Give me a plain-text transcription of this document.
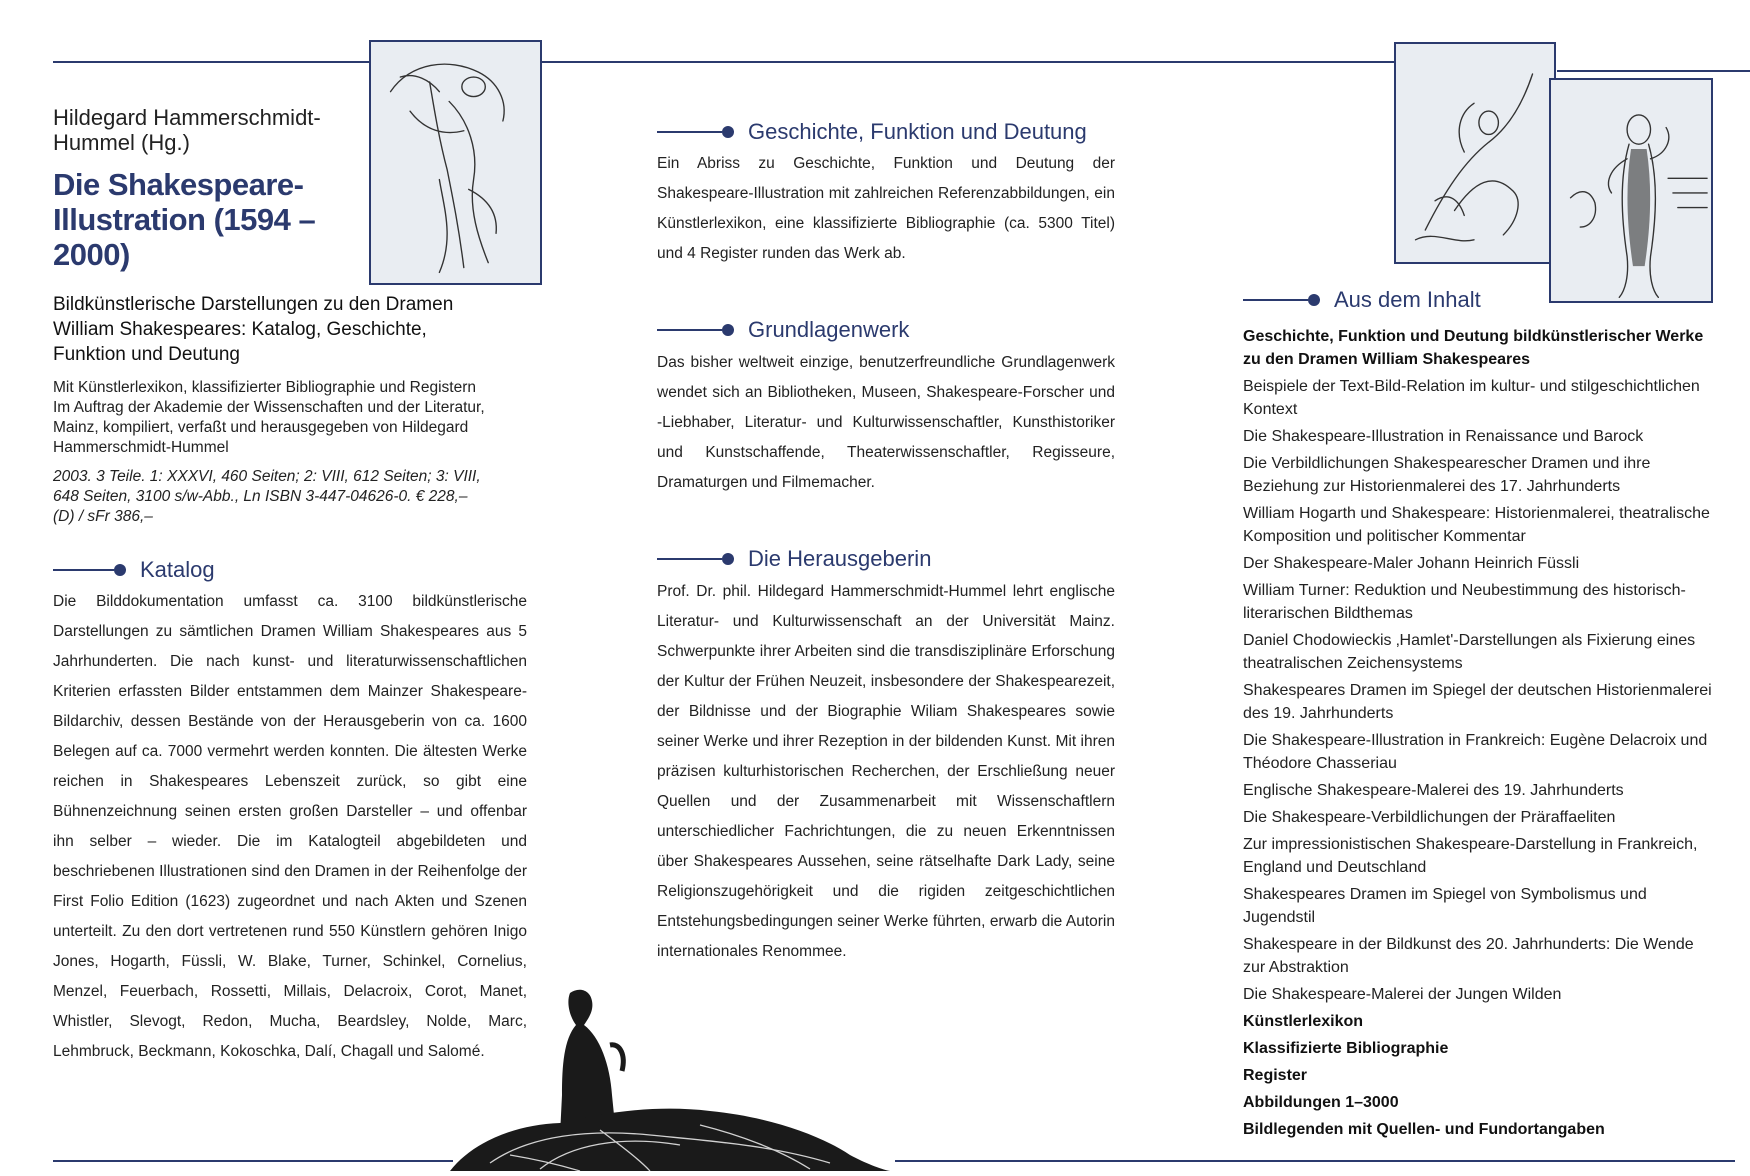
Hildegard Hammerschmidt-Hummel (Hg.)
Die Shakespeare-Illustration (1594 – 2000)
Bildkünstlerische Darstellungen zu den Dramen William Shakespeares: Katalog, Geschichte, Funktion und Deutung
Mit Künstlerlexikon, klassifizierter Bibliographie und Registern Im Auftrag der Akademie der Wissenschaften und der Literatur, Mainz, kompiliert, verfaßt und herausgegeben von Hildegard Hammerschmidt-Hummel
2003. 3 Teile. 1: XXXVI, 460 Seiten; 2: VIII, 612 Seiten; 3: VIII, 648 Seiten, 3100 s/w-Abb., Ln ISBN 3-447-04626-0. € 228,– (D) / sFr 386,–
Katalog
Die Bilddokumentation umfasst ca. 3100 bildkünstlerische Darstellungen zu sämtlichen Dramen William Shakespeares aus 5 Jahrhunderten. Die nach kunst- und literaturwissenschaftlichen Kriterien erfassten Bilder entstammen dem Mainzer Shakespeare-Bildarchiv, dessen Bestände von der Herausgeberin von ca. 1600 Belegen auf ca. 7000 vermehrt werden konnten. Die ältesten Werke reichen in Shakespeares Lebenszeit zurück, so gibt eine Bühnenzeichnung seinen ersten großen Darsteller – und offenbar ihn selber – wieder. Die im Katalogteil abgebildeten und beschriebenen Illustrationen sind den Dramen in der Reihenfolge der First Folio Edition (1623) zugeordnet und nach Akten und Szenen unterteilt. Zu den dort vertretenen rund 550 Künstlern gehören Inigo Jones, Hogarth, Füssli, W. Blake, Turner, Schinkel, Cornelius, Menzel, Feuerbach, Rossetti, Millais, Delacroix, Corot, Manet, Whistler, Slevogt, Redon, Mucha, Beardsley, Nolde, Marc, Lehmbruck, Beckmann, Kokoschka, Dalí, Chagall und Salomé.
Geschichte, Funktion und Deutung
Ein Abriss zu Geschichte, Funktion und Deutung der Shakespeare-Illustration mit zahlreichen Referenzabbildungen, ein Künstlerlexikon, eine klassifizierte Bibliographie (ca. 5300 Titel) und 4 Register runden das Werk ab.
Grundlagenwerk
Das bisher weltweit einzige, benutzerfreundliche Grundlagenwerk wendet sich an Bibliotheken, Museen, Shakespeare-Forscher und -Liebhaber, Literatur- und Kulturwissenschaftler, Kunsthistoriker und Kunstschaffende, Theaterwissenschaftler, Regisseure, Dramaturgen und Filmemacher.
Die Herausgeberin
Prof. Dr. phil. Hildegard Hammerschmidt-Hummel lehrt englische Literatur- und Kulturwissenschaft an der Universität Mainz. Schwerpunkte ihrer Arbeiten sind die transdisziplinäre Erforschung der Kultur der Frühen Neuzeit, insbesondere der Shakespearezeit, der Bildnisse und der Biographie Wiliam Shakespeares sowie seiner Werke und ihrer Rezeption in der bildenden Kunst. Mit ihren präzisen kulturhistorischen Recherchen, der Erschließung neuer Quellen und der Zusammenarbeit mit Wissenschaftlern unterschiedlicher Fachrichtungen, die zu neuen Erkenntnissen über Shakespeares Aussehen, seine rätselhafte Dark Lady, seine Religionszugehörigkeit und die rigiden zeitgeschichtlichen Entstehungsbedingungen seiner Werke führten, erwarb die Autorin internationales Renommee.
Aus dem Inhalt
Geschichte, Funktion und Deutung bildkünstlerischer Werke zu den Dramen William Shakespeares
Beispiele der Text-Bild-Relation im kultur- und stilgeschichtlichen Kontext
Die Shakespeare-Illustration in Renaissance und Barock
Die Verbildlichungen Shakespearescher Dramen und ihre Beziehung zur Historienmalerei des 17. Jahrhunderts
William Hogarth und Shakespeare: Historienmalerei, theatralische Komposition und politischer Kommentar
Der Shakespeare-Maler Johann Heinrich Füssli
William Turner: Reduktion und Neubestimmung des historisch-literarischen Bildthemas
Daniel Chodowieckis ‚Hamlet'-Darstellungen als Fixierung eines theatralischen Zeichensystems
Shakespeares Dramen im Spiegel der deutschen Historienmalerei des 19. Jahrhunderts
Die Shakespeare-Illustration in Frankreich: Eugène Delacroix und Théodore Chasseriau
Englische Shakespeare-Malerei des 19. Jahrhunderts
Die Shakespeare-Verbildlichungen der Präraffaeliten
Zur impressionistischen Shakespeare-Darstellung in Frankreich, England und Deutschland
Shakespeares Dramen im Spiegel von Symbolismus und Jugendstil
Shakespeare in der Bildkunst des 20. Jahrhunderts: Die Wende zur Abstraktion
Die Shakespeare-Malerei der Jungen Wilden
Künstlerlexikon
Klassifizierte Bibliographie
Register
Abbildungen 1–3000
Bildlegenden mit Quellen- und Fundortangaben
